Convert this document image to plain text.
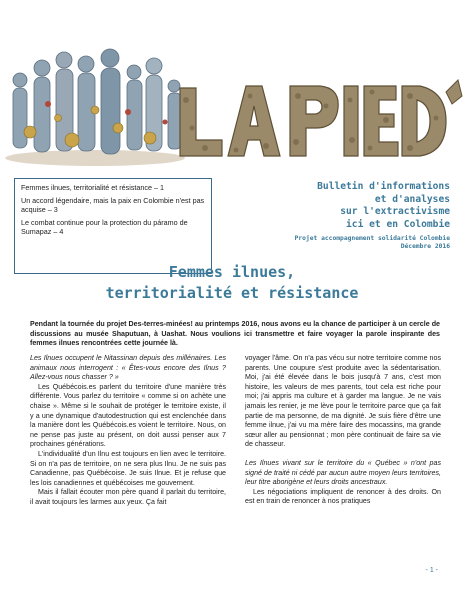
Femmes ilnues, territorialité et résistance – 1
Un accord légendaire, mais la paix en Colombie n'est pas acquise – 3
Le combat continue pour la protection du páramo de Sumapaz – 4
Bulletin d'informations
et d'analyses
sur l'extractivisme
ici et en Colombie
Projet accompagnement solidarité Colombie
Décembre 2016
Femmes ilnues,
territorialité et résistance
Pendant la tournée du projet Des-terres-minées! au printemps 2016, nous avons eu la chance de participer à un cercle de discussions au musée Shaputuan, à Uashat. Nous voulions ici transmettre et faire voyager la parole inspirante des femmes ilnues rencontrées cette journée là.

Les Ilnues occupent le Nitassinan depuis des millénaires. Les animaux nous interrogent : « Êtes-vous encore des Ilnus ? Allez-vous nous chasser ? »

Les Québécois.es parlent du territoire d'une manière très différente. Vous parlez du territoire « comme si on achète une chaise ». Même si le souhait de protéger le territoire existe, il y a une dynamique d'autodestruction qui est enclenchée dans la manière dont les Québécois.es voient le territoire. Nous, on ne pense pas juste au présent, on doit aussi penser aux 7 prochaines générations.

L'individualité d'un Ilnu est toujours en lien avec le territoire. Si on n'a pas de territoire, on ne sera plus Ilnu. Je ne suis pas Canadienne, pas Québécoise. Je suis Ilnue. Et je refuse que les lois canadiennes et québécoises me gouvernent.

Mais il fallait écouter mon père quand il parlait du territoire, il avait toujours les larmes aux yeux. Ça fait

voyager l'âme. On n'a pas vécu sur notre territoire comme nos parents. Une coupure s'est produite avec la sédentarisation. Moi, j'ai été élevée dans le bois jusqu'à 7 ans, c'est mon histoire, les valeurs de mes parents, tout cela est riche pour moi; j'ai appris ma culture et à garder ma langue. Je ne vais jamais les renier, je me lève pour le territoire parce que ça fait partie de ma personne, de ma dignité. Je suis fière d'être une femme ilnue, j'ai vu ma mère faire des mocassins, ma grande sœur aller au pensionnat ; mon père continuait de faire sa vie de chasseur.

Les Ilnues vivant sur le territoire du « Québec » n'ont pas signé de traité ni cédé par aucun autre moyen leurs territoires, leur titre aborigène et leurs droits ancestraux.

Les négociations impliquent de renoncer à des droits. On est en train de renoncer à nos pratiques

- 1 -
